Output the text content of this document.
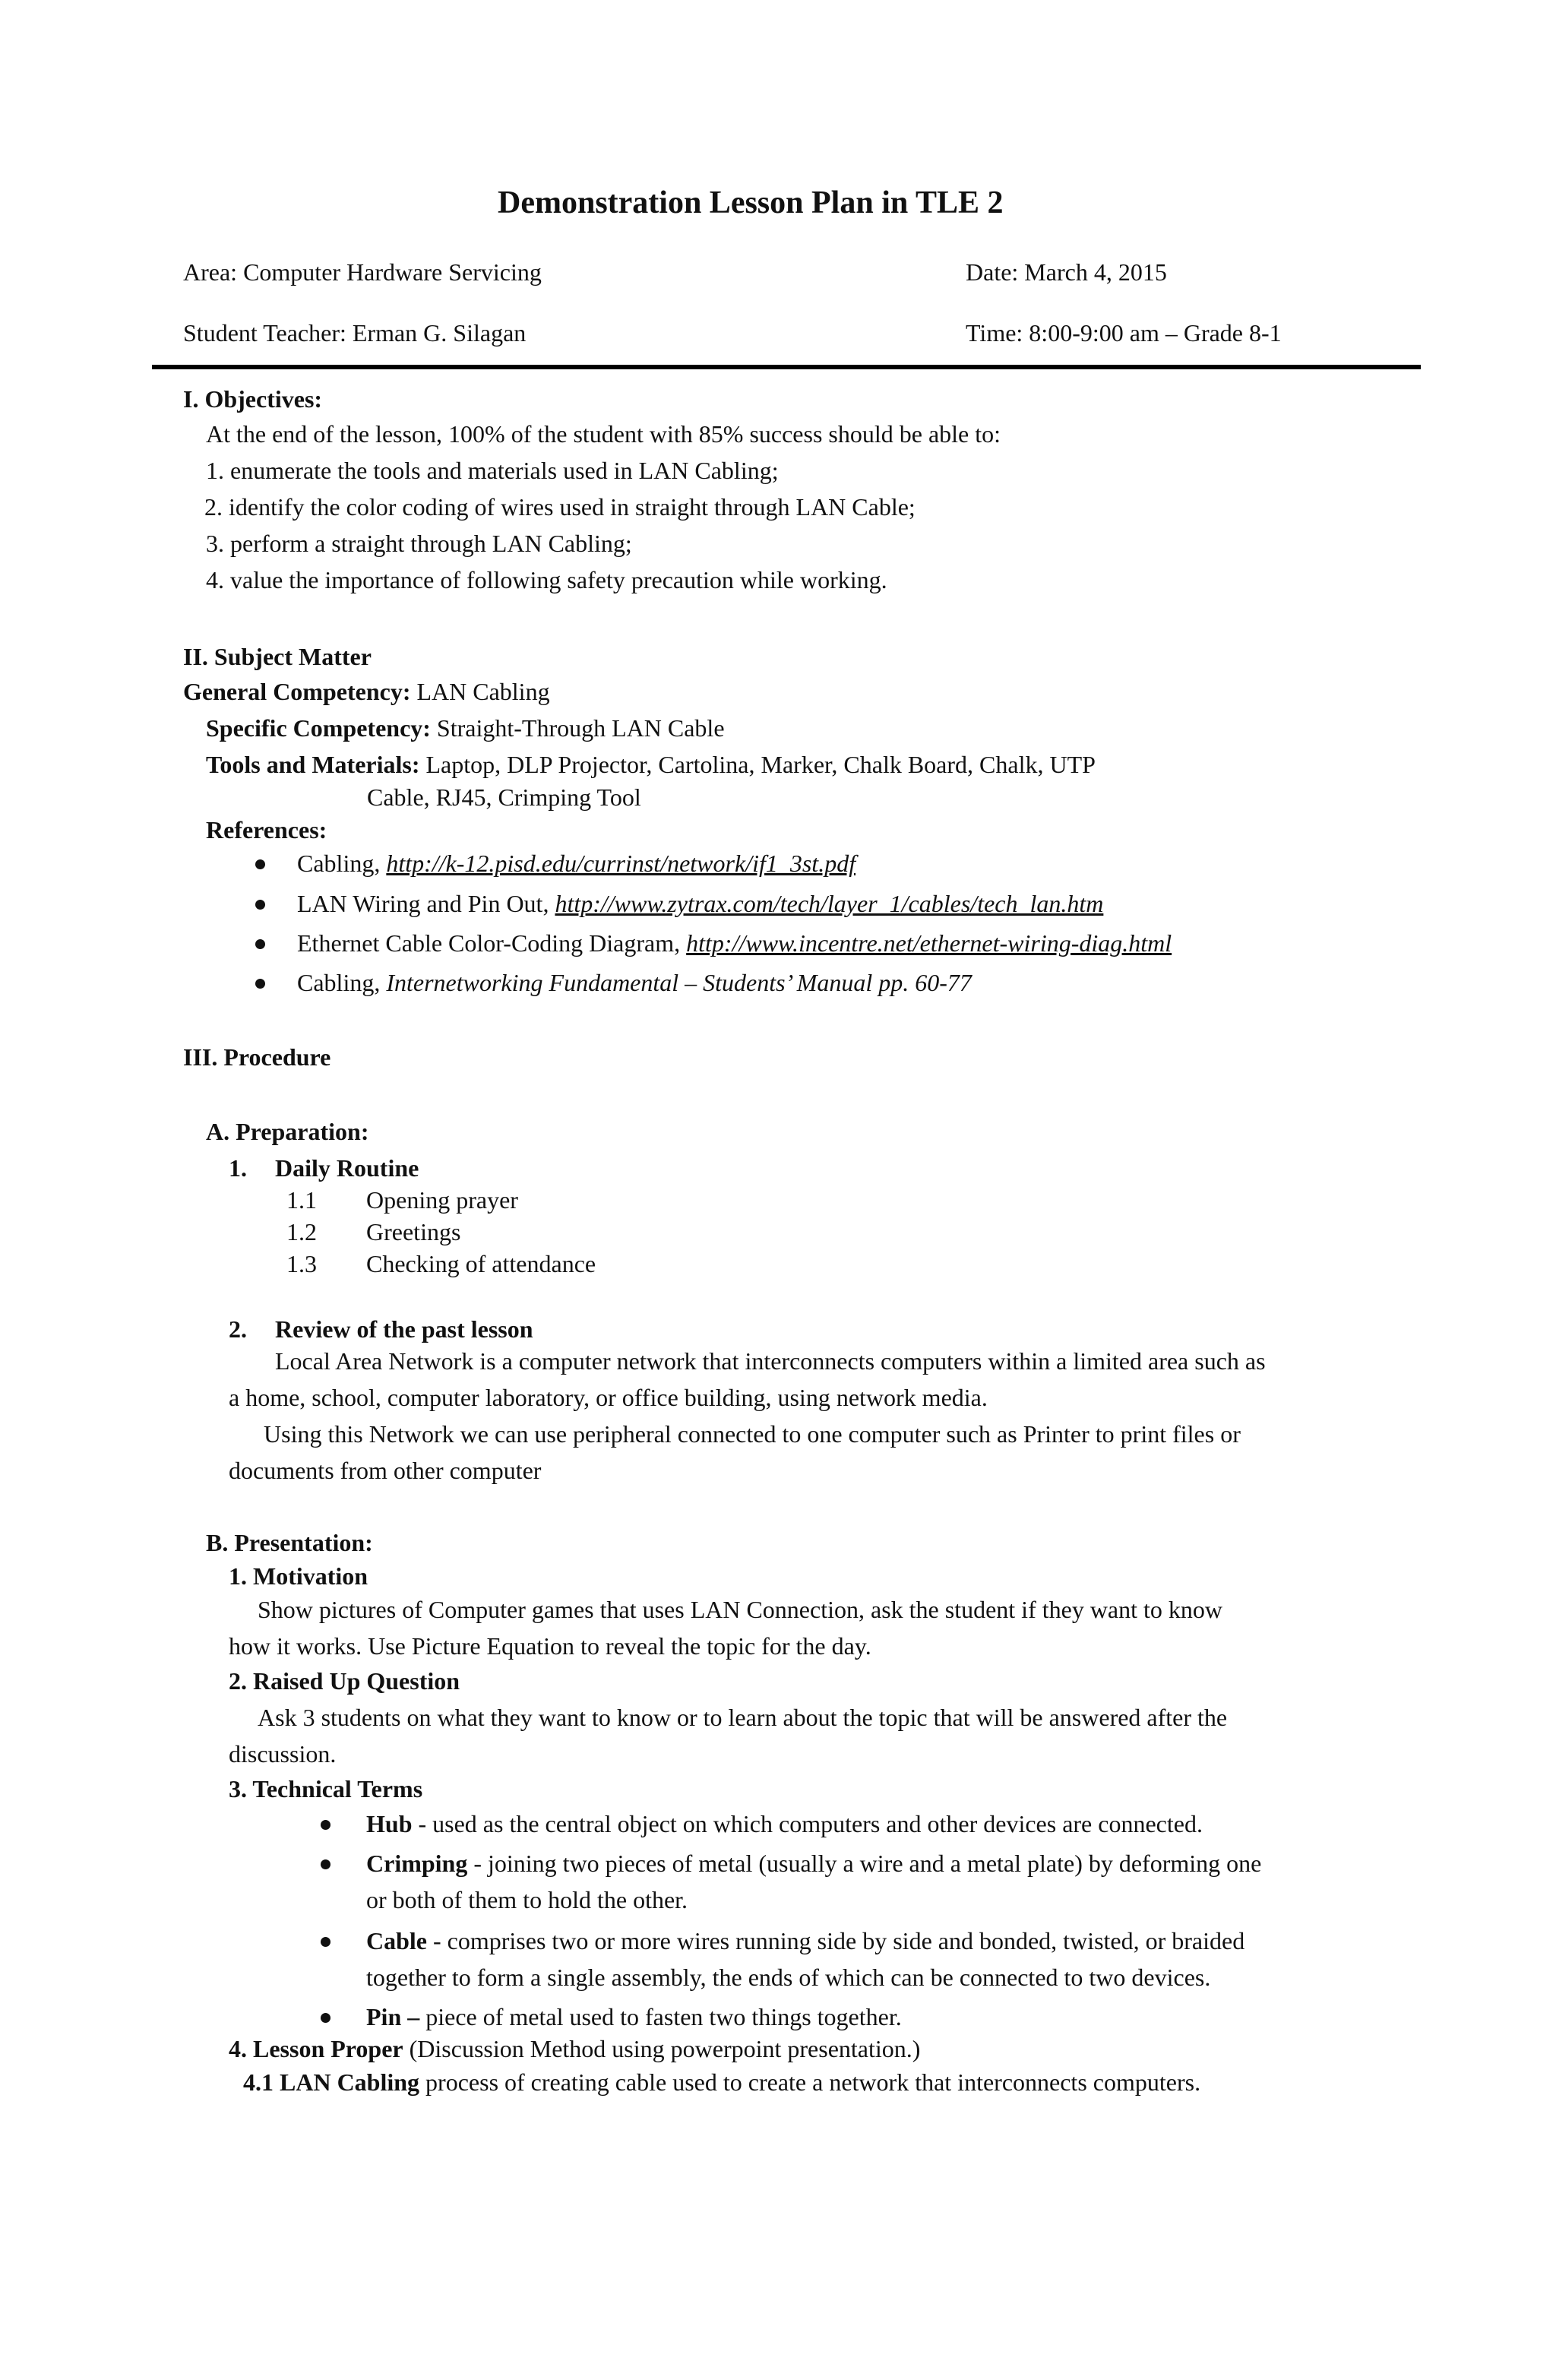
Demonstration Lesson Plan in TLE 2
Area: Computer Hardware Servicing	Date: March 4, 2015
Student Teacher: Erman G. Silagan	Time: 8:00-9:00 am – Grade 8-1
I. Objectives:
At the end of the lesson, 100% of the student with 85% success should be able to:
1. enumerate the tools and materials used in LAN Cabling;
2. identify the color coding of wires used in straight through LAN Cable;
3. perform a straight through LAN Cabling;
4. value the importance of following safety precaution while working.
II. Subject Matter
General Competency: LAN Cabling
Specific Competency: Straight-Through LAN Cable
Tools and Materials: Laptop, DLP Projector, Cartolina, Marker, Chalk Board, Chalk, UTP
Cable, RJ45, Crimping Tool
References:
Cabling, http://k-12.pisd.edu/currinst/network/if1_3st.pdf
LAN Wiring and Pin Out, http://www.zytrax.com/tech/layer_1/cables/tech_lan.htm
Ethernet Cable Color-Coding Diagram, http://www.incentre.net/ethernet-wiring-diag.html
Cabling, Internetworking Fundamental – Students’ Manual pp. 60-77
III. Procedure
A. Preparation:
1. Daily Routine
1.1 Opening prayer
1.2 Greetings
1.3 Checking of attendance
2. Review of the past lesson
Local Area Network is a computer network that interconnects computers within a limited area such as
a home, school, computer laboratory, or office building, using network media.
Using this Network we can use peripheral connected to one computer such as Printer to print files or
documents from other computer
B. Presentation:
1. Motivation
Show pictures of Computer games that uses LAN Connection, ask the student if they want to know
how it works. Use Picture Equation to reveal the topic for the day.
2. Raised Up Question
Ask 3 students on what they want to know or to learn about the topic that will be answered after the
discussion.
3. Technical Terms
Hub - used as the central object on which computers and other devices are connected.
Crimping - joining two pieces of metal (usually a wire and a metal plate) by deforming one
or both of them to hold the other.
Cable - comprises two or more wires running side by side and bonded, twisted, or braided
together to form a single assembly, the ends of which can be connected to two devices.
Pin – piece of metal used to fasten two things together.
4. Lesson Proper (Discussion Method using powerpoint presentation.)
4.1 LAN Cabling process of creating cable used to create a network that interconnects computers.
